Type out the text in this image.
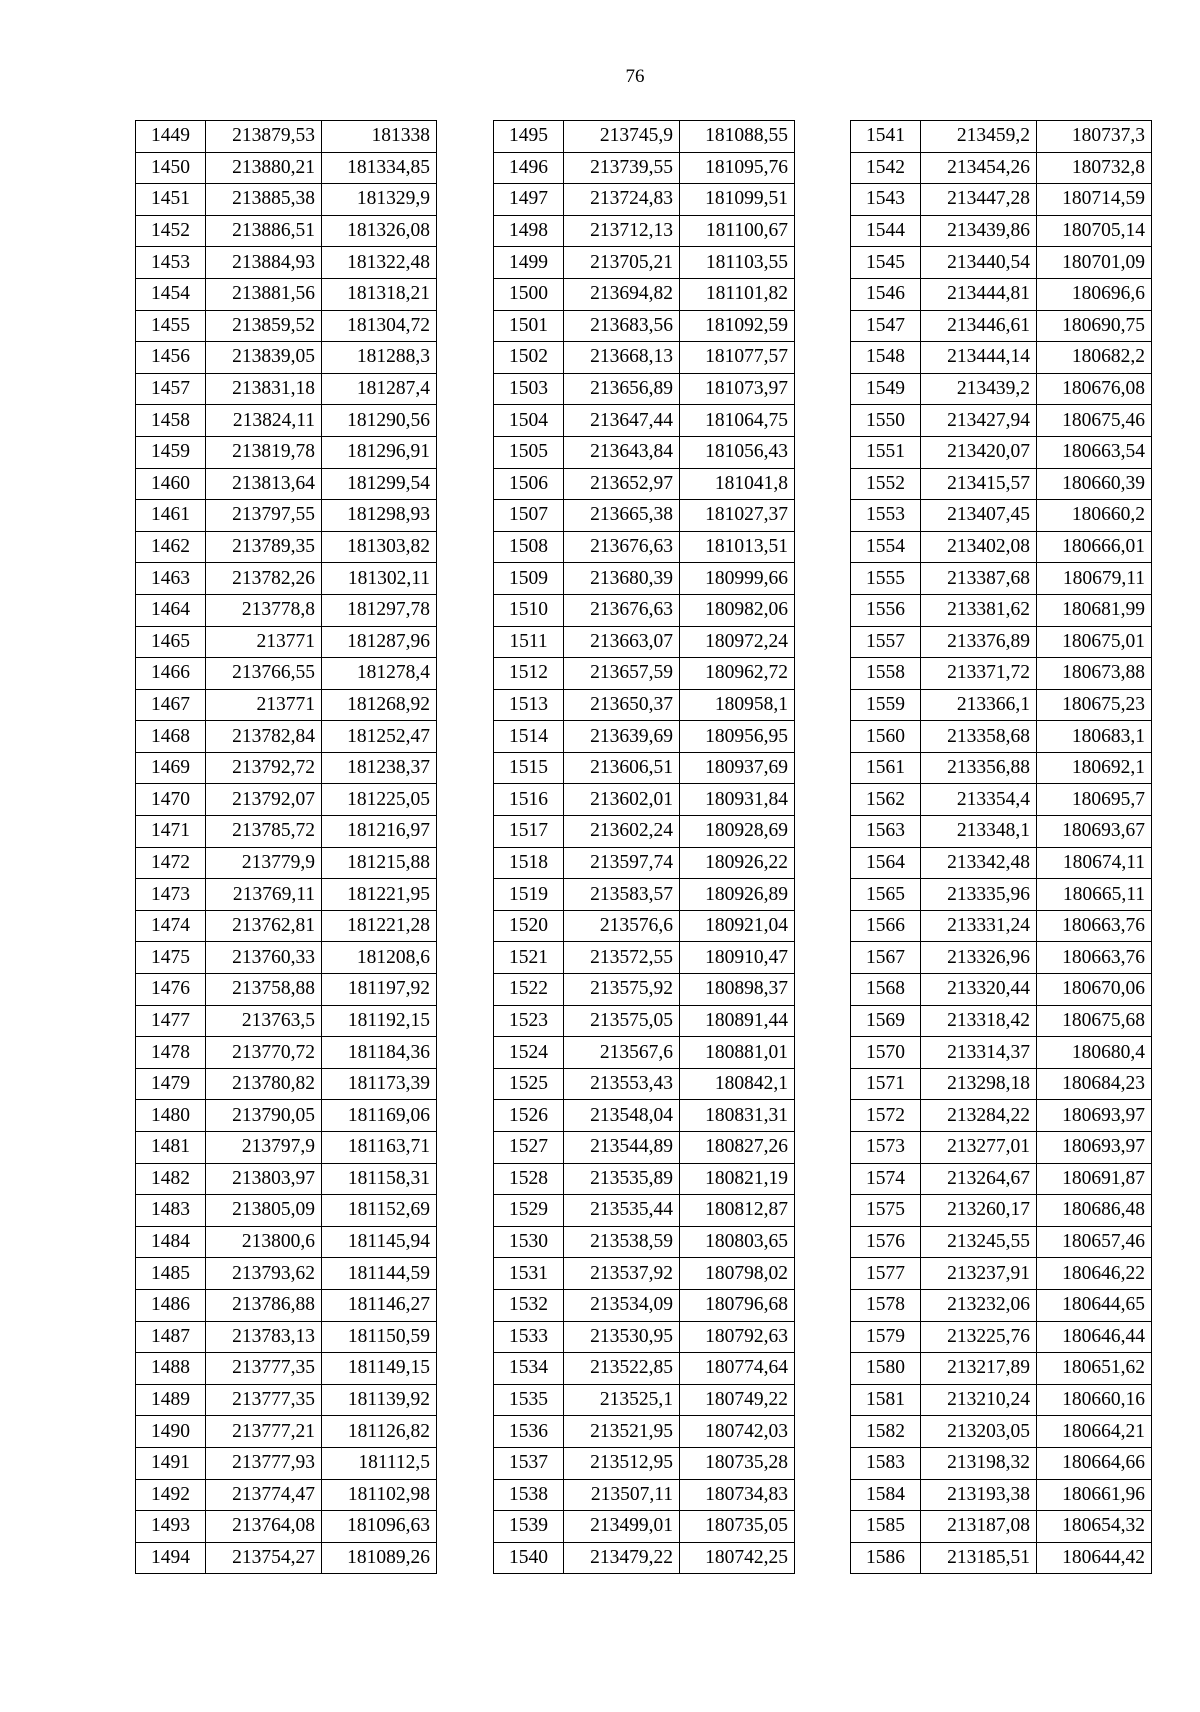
76
1449	213879,53	181338
1450	213880,21	181334,85
1451	213885,38	181329,9
1452	213886,51	181326,08
1453	213884,93	181322,48
1454	213881,56	181318,21
1455	213859,52	181304,72
1456	213839,05	181288,3
1457	213831,18	181287,4
1458	213824,11	181290,56
1459	213819,78	181296,91
1460	213813,64	181299,54
1461	213797,55	181298,93
1462	213789,35	181303,82
1463	213782,26	181302,11
1464	213778,8	181297,78
1465	213771	181287,96
1466	213766,55	181278,4
1467	213771	181268,92
1468	213782,84	181252,47
1469	213792,72	181238,37
1470	213792,07	181225,05
1471	213785,72	181216,97
1472	213779,9	181215,88
1473	213769,11	181221,95
1474	213762,81	181221,28
1475	213760,33	181208,6
1476	213758,88	181197,92
1477	213763,5	181192,15
1478	213770,72	181184,36
1479	213780,82	181173,39
1480	213790,05	181169,06
1481	213797,9	181163,71
1482	213803,97	181158,31
1483	213805,09	181152,69
1484	213800,6	181145,94
1485	213793,62	181144,59
1486	213786,88	181146,27
1487	213783,13	181150,59
1488	213777,35	181149,15
1489	213777,35	181139,92
1490	213777,21	181126,82
1491	213777,93	181112,5
1492	213774,47	181102,98
1493	213764,08	181096,63
1494	213754,27	181089,26
1495	213745,9	181088,55
1496	213739,55	181095,76
1497	213724,83	181099,51
1498	213712,13	181100,67
1499	213705,21	181103,55
1500	213694,82	181101,82
1501	213683,56	181092,59
1502	213668,13	181077,57
1503	213656,89	181073,97
1504	213647,44	181064,75
1505	213643,84	181056,43
1506	213652,97	181041,8
1507	213665,38	181027,37
1508	213676,63	181013,51
1509	213680,39	180999,66
1510	213676,63	180982,06
1511	213663,07	180972,24
1512	213657,59	180962,72
1513	213650,37	180958,1
1514	213639,69	180956,95
1515	213606,51	180937,69
1516	213602,01	180931,84
1517	213602,24	180928,69
1518	213597,74	180926,22
1519	213583,57	180926,89
1520	213576,6	180921,04
1521	213572,55	180910,47
1522	213575,92	180898,37
1523	213575,05	180891,44
1524	213567,6	180881,01
1525	213553,43	180842,1
1526	213548,04	180831,31
1527	213544,89	180827,26
1528	213535,89	180821,19
1529	213535,44	180812,87
1530	213538,59	180803,65
1531	213537,92	180798,02
1532	213534,09	180796,68
1533	213530,95	180792,63
1534	213522,85	180774,64
1535	213525,1	180749,22
1536	213521,95	180742,03
1537	213512,95	180735,28
1538	213507,11	180734,83
1539	213499,01	180735,05
1540	213479,22	180742,25
1541	213459,2	180737,3
1542	213454,26	180732,8
1543	213447,28	180714,59
1544	213439,86	180705,14
1545	213440,54	180701,09
1546	213444,81	180696,6
1547	213446,61	180690,75
1548	213444,14	180682,2
1549	213439,2	180676,08
1550	213427,94	180675,46
1551	213420,07	180663,54
1552	213415,57	180660,39
1553	213407,45	180660,2
1554	213402,08	180666,01
1555	213387,68	180679,11
1556	213381,62	180681,99
1557	213376,89	180675,01
1558	213371,72	180673,88
1559	213366,1	180675,23
1560	213358,68	180683,1
1561	213356,88	180692,1
1562	213354,4	180695,7
1563	213348,1	180693,67
1564	213342,48	180674,11
1565	213335,96	180665,11
1566	213331,24	180663,76
1567	213326,96	180663,76
1568	213320,44	180670,06
1569	213318,42	180675,68
1570	213314,37	180680,4
1571	213298,18	180684,23
1572	213284,22	180693,97
1573	213277,01	180693,97
1574	213264,67	180691,87
1575	213260,17	180686,48
1576	213245,55	180657,46
1577	213237,91	180646,22
1578	213232,06	180644,65
1579	213225,76	180646,44
1580	213217,89	180651,62
1581	213210,24	180660,16
1582	213203,05	180664,21
1583	213198,32	180664,66
1584	213193,38	180661,96
1585	213187,08	180654,32
1586	213185,51	180644,42
